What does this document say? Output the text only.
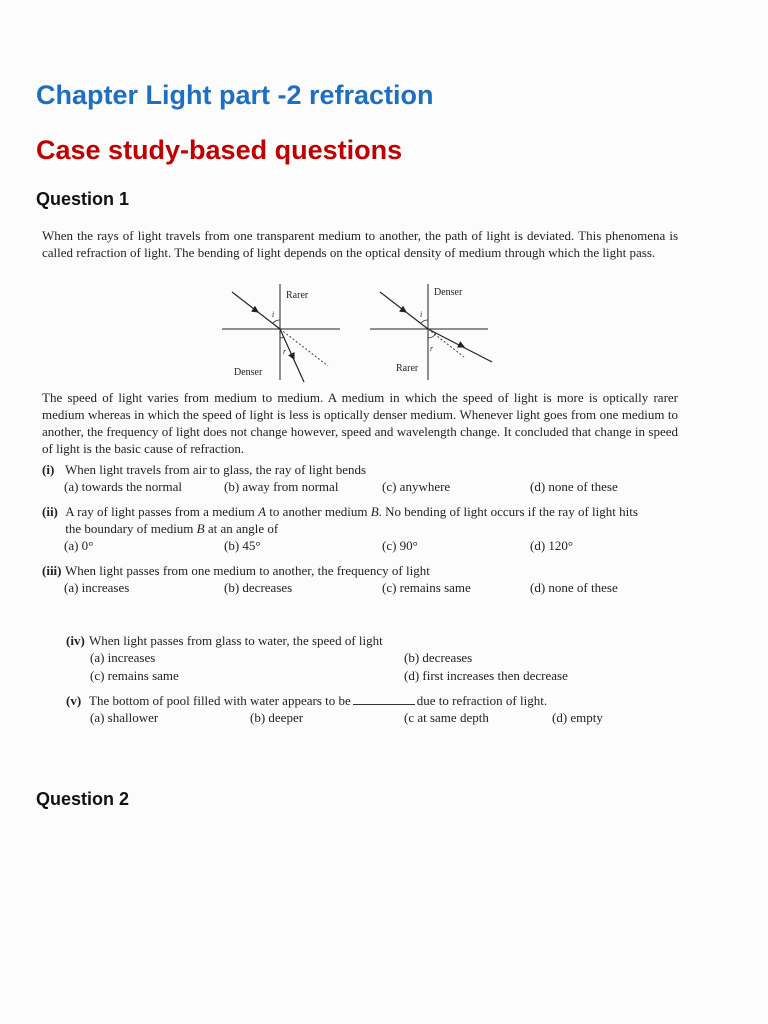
Chapter Light part -2 refraction
Case study-based questions
Question 1

When the rays of light travels from one transparent medium to another, the path of light is deviated. This phenomena is called refraction of light. The bending of light depends on the optical density of medium through which the light pass.

Rarer
Denser
i
r
Denser
Rarer
i
r

The speed of light varies from medium to medium. A medium in which the speed of light is more is optically rarer medium whereas in which the speed of light is less is optically denser medium. Whenever light goes from one medium to another, the frequency of light does not change however, speed and wavelength change. It concluded that change in speed of light is the basic cause of refraction.

(i) When light travels from air to glass, the ray of light bends
(a) towards the normal	(b) away from normal	(c) anywhere	(d) none of these
(ii) A ray of light passes from a medium A to another medium B. No bending of light occurs if the ray of light hits the boundary of medium B at an angle of
(a) 0°	(b) 45°	(c) 90°	(d) 120°
(iii) When light passes from one medium to another, the frequency of light
(a) increases	(b) decreases	(c) remains same	(d) none of these
(iv) When light passes from glass to water, the speed of light
(a) increases	(b) decreases
(c) remains same	(d) first increases then decrease
(v) The bottom of pool filled with water appears to be	due to refraction of light.
(a) shallower	(b) deeper	(c at same depth	(d) empty
Question 2
